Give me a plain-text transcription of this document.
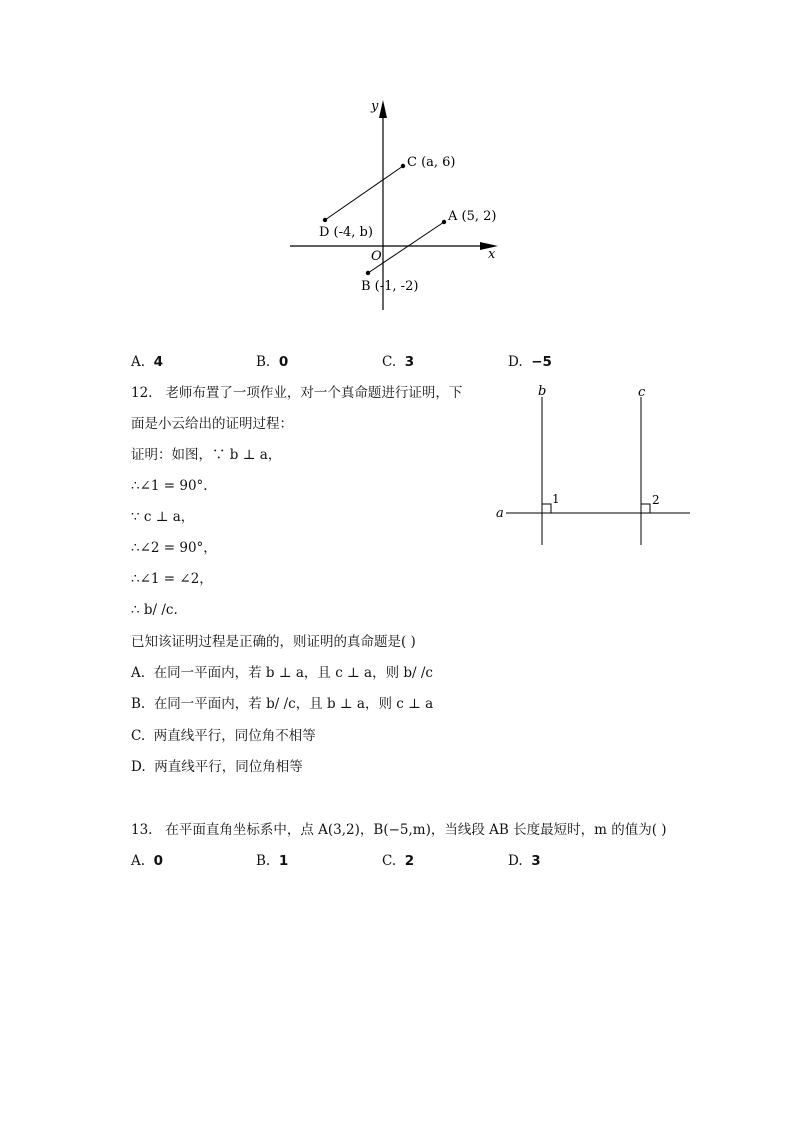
y
x
O
C (a, 6)
D (-4, b)
A (5, 2)
B (-1, -2)
A. 4	B. 0	C. 3	D. −5
12. 老师布置了一项作业，对一个真命题进行证明，下
面是小云给出的证明过程：
证明：如图，∵ b ⊥ a，
∴∠1 = 90°.
∵ c ⊥ a，
∴∠2 = 90°，
∴∠1 = ∠2，
∴ b/ /c.
已知该证明过程是正确的，则证明的真命题是( )
A. 在同一平面内，若 b ⊥ a，且 c ⊥ a，则 b/ /c
B. 在同一平面内，若 b/ /c，且 b ⊥ a，则 c ⊥ a
C. 两直线平行，同位角不相等
D. 两直线平行，同位角相等
b	c
a
1	2
13. 在平面直角坐标系中，点 A(3,2)，B(−5,m)，当线段 AB 长度最短时，m 的值为( )
A. 0	B. 1	C. 2	D. 3
